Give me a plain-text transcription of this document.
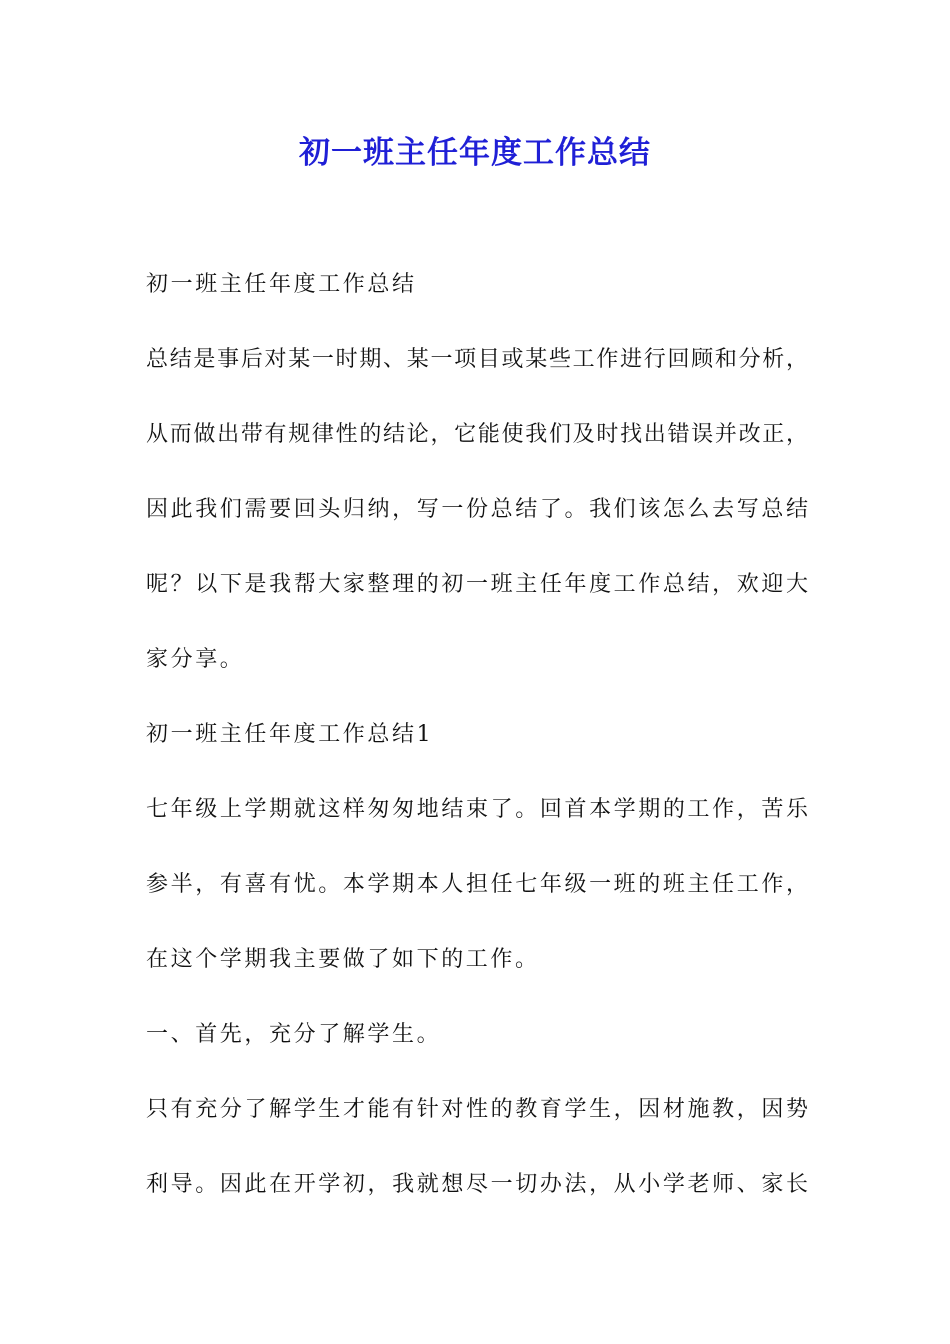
初一班主任年度工作总结
初一班主任年度工作总结
总结是事后对某一时期、某一项目或某些工作进行回顾和分析，
从而做出带有规律性的结论，它能使我们及时找出错误并改正，
因此我们需要回头归纳，写一份总结了。我们该怎么去写总结
呢？以下是我帮大家整理的初一班主任年度工作总结，欢迎大
家分享。
初一班主任年度工作总结1
七年级上学期就这样匆匆地结束了。回首本学期的工作，苦乐
参半，有喜有忧。本学期本人担任七年级一班的班主任工作，
在这个学期我主要做了如下的工作。
一、首先，充分了解学生。
只有充分了解学生才能有针对性的教育学生，因材施教，因势
利导。因此在开学初，我就想尽一切办法，从小学老师、家长
